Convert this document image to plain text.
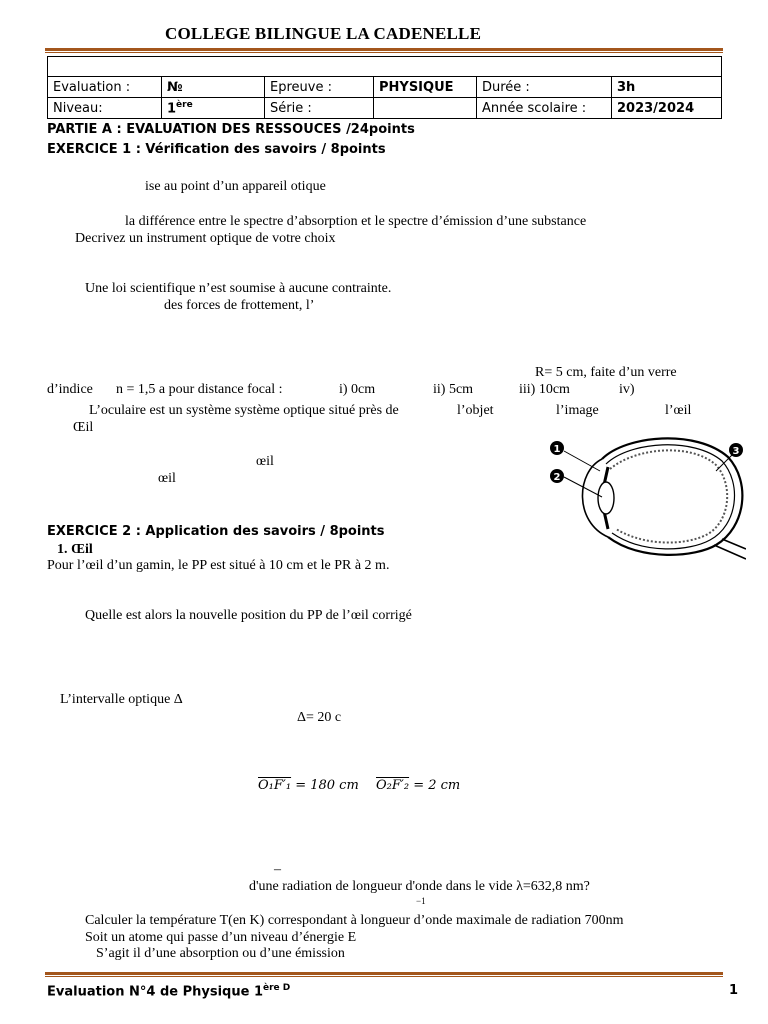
COLLEGE BILINGUE LA CADENELLE

Evaluation :	№	Epreuve :	PHYSIQUE	Durée :	3h
Niveau:	1ère	Série :		Année scolaire :	2023/2024
PARTIE A : EVALUATION DES RESSOUCES /24points
EXERCICE 1 : Vérification des savoirs / 8points
ise au point d’un appareil otique
la différence entre le spectre d’absorption et le spectre d’émission d’une substance
Decrivez un instrument optique de votre choix
Une loi scientifique n’est soumise à aucune contrainte.
des forces de frottement, l’
R= 5 cm, faite d’un verre
d’indice n = 1,5 a pour distance focal :	i) 0cm	ii) 5cm	iii) 10cm	iv)
L’oculaire est un système système optique situé près de	l’objet	l’image	l’œil
Œil
œil
œil
1
2
3
EXERCICE 2 : Application des savoirs / 8points
1. Œil
Pour l’œil d’un gamin, le PP est situé à 10 cm et le PR à 2 m.
Quelle est alors la nouvelle position du PP de l’œil corrigé
L’intervalle optique Δ
Δ= 20 c
O₁F′₁ = 180 cm O₂F′₂ = 2 cm
–
d'une radiation de longueur d'onde dans le vide λ=632,8 nm?
−1
Calculer la température T(en K) correspondant à longueur d’onde maximale de radiation 700nm
Soit un atome qui passe d’un niveau d’énergie E
S’agit il d’une absorption ou d’une émission
Evaluation N°4 de Physique $1^{ère D}$	1
